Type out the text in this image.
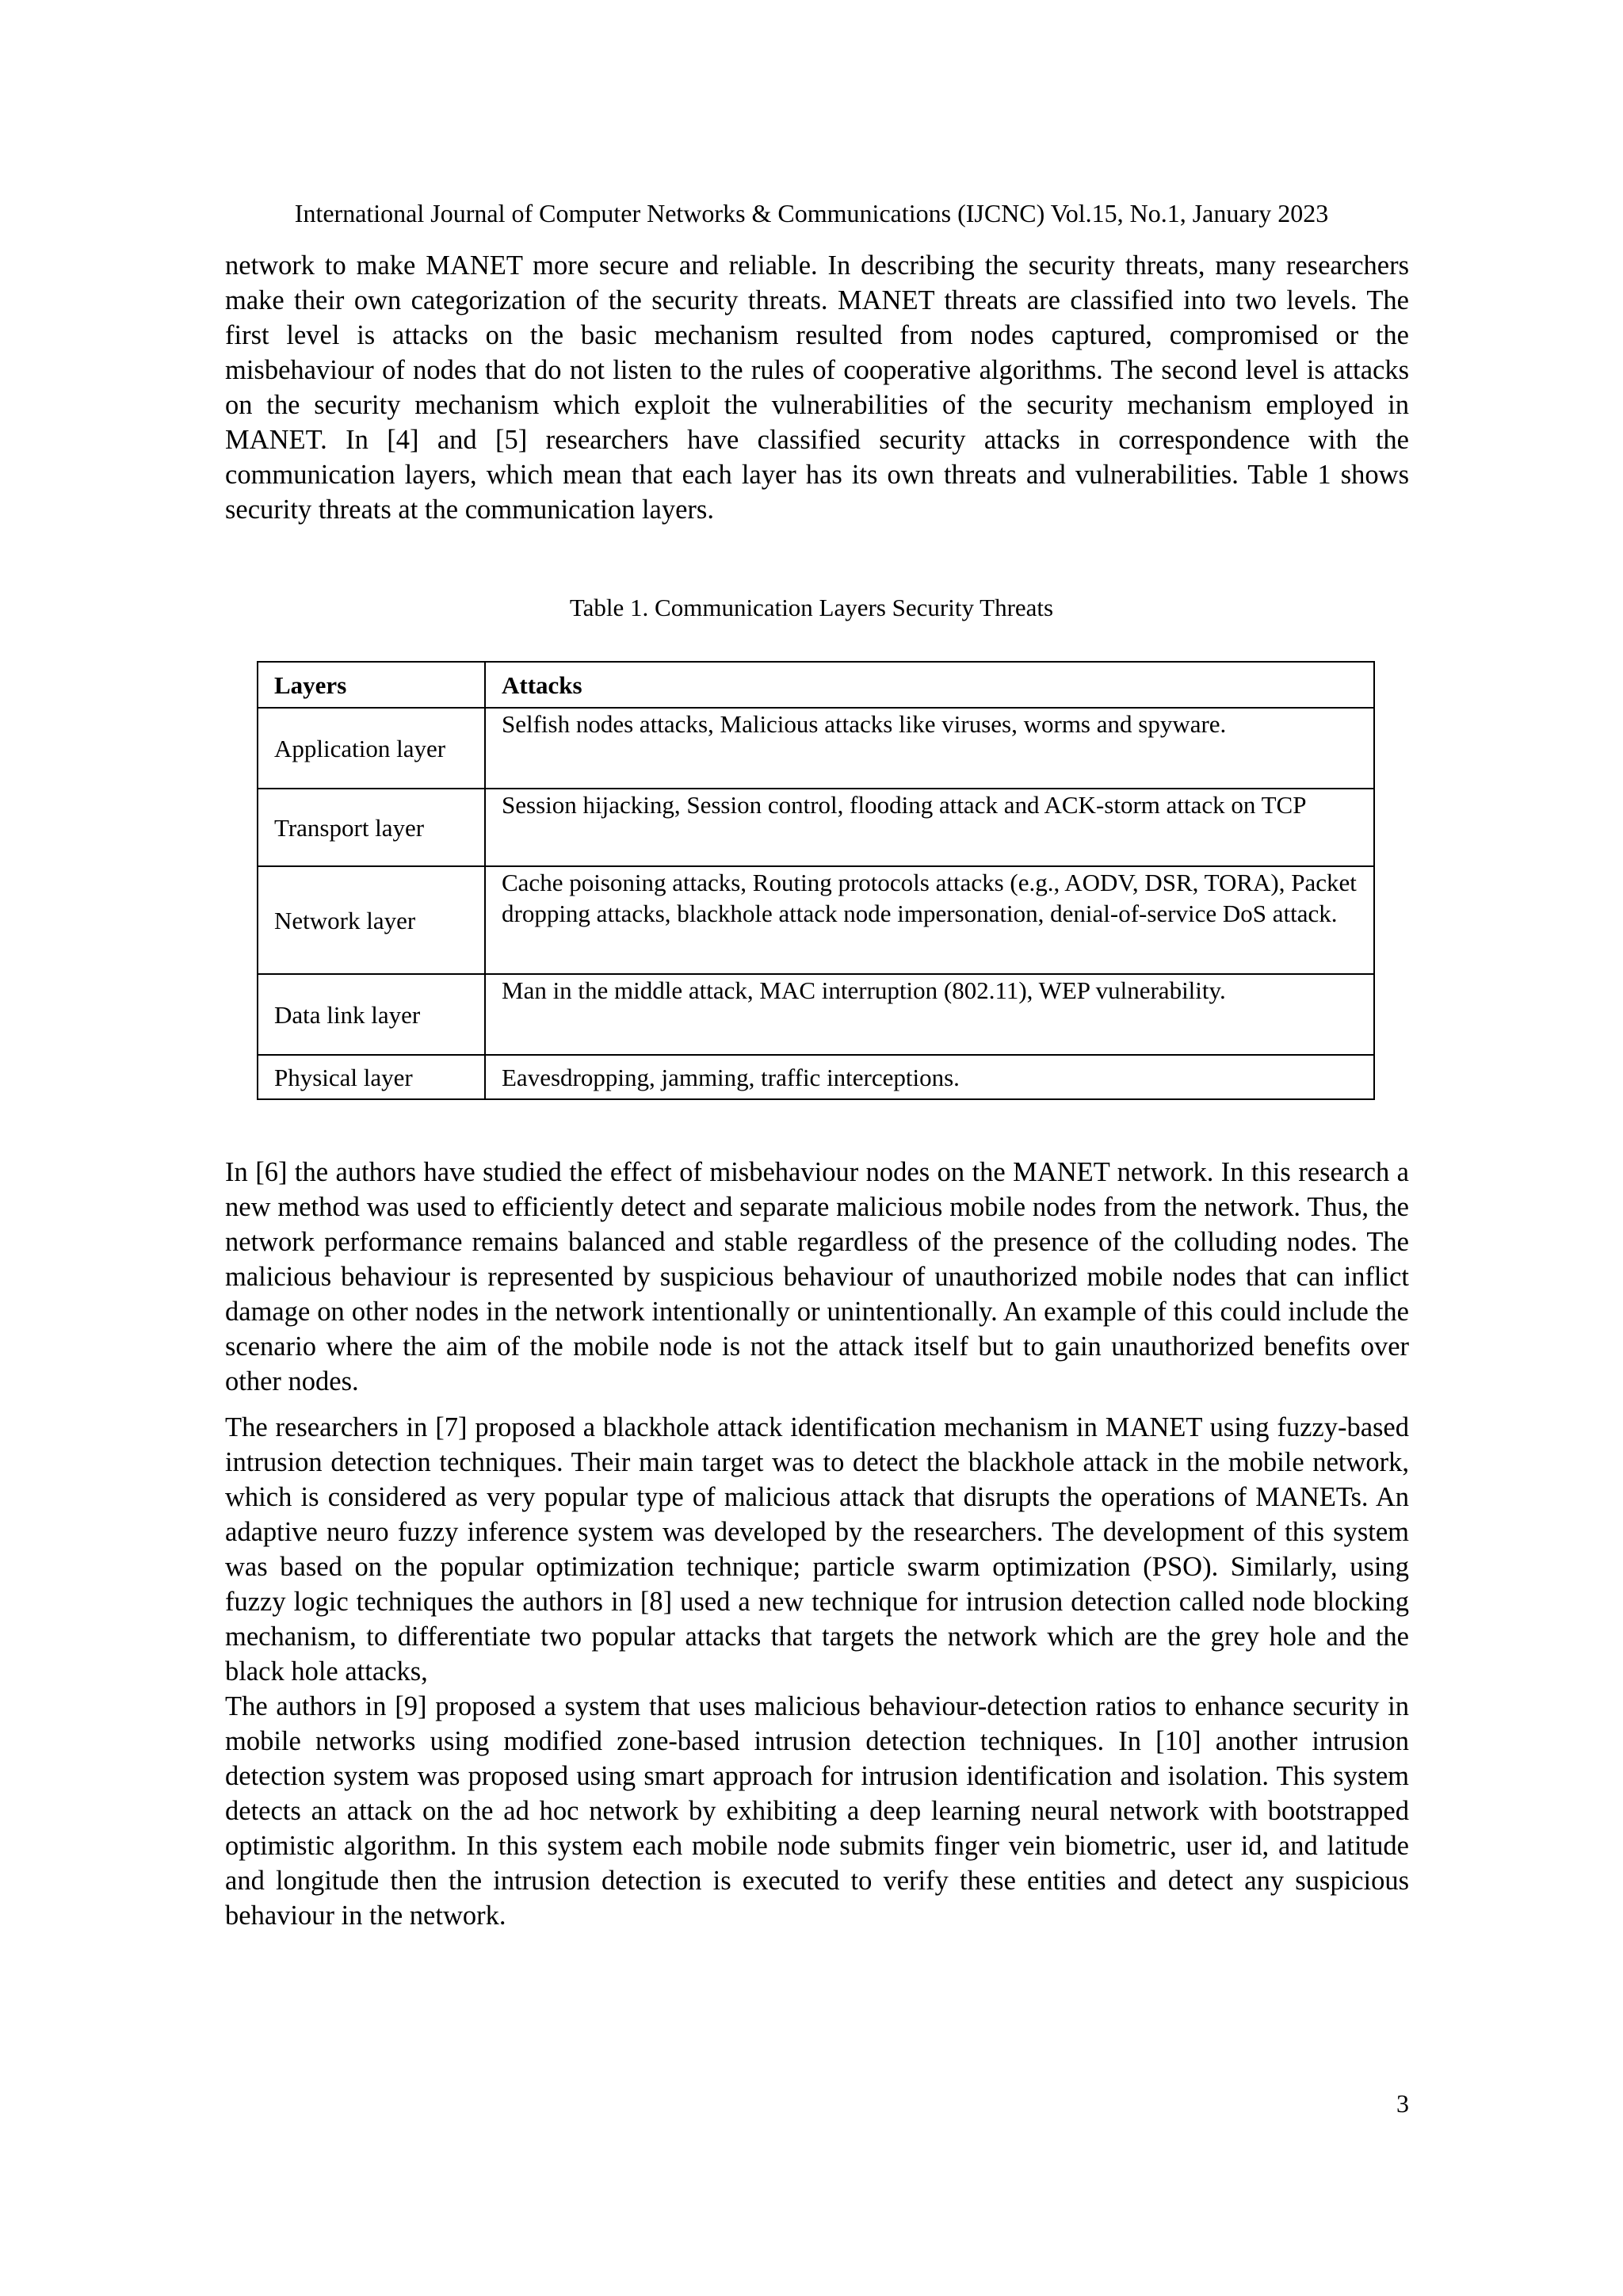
International Journal of Computer Networks & Communications (IJCNC) Vol.15, No.1, January 2023

network to make MANET more secure and reliable. In describing the security threats, many researchers make their own categorization of the security threats. MANET threats are classified into two levels. The first level is attacks on the basic mechanism resulted from nodes captured, compromised or the misbehaviour of nodes that do not listen to the rules of cooperative algorithms. The second level is attacks on the security mechanism which exploit the vulnerabilities of the security mechanism employed in MANET. In [4] and [5] researchers have classified security attacks in correspondence with the communication layers, which mean that each layer has its own threats and vulnerabilities. Table 1 shows security threats at the communication layers.

Table 1. Communication Layers Security Threats
Layers	Attacks
Application layer	Selfish nodes attacks, Malicious attacks like viruses, worms and spyware.
Transport layer	Session hijacking, Session control, flooding attack and ACK-storm attack on TCP
Network layer	Cache poisoning attacks, Routing protocols attacks (e.g., AODV, DSR, TORA), Packet dropping attacks, blackhole attack node impersonation, denial-of-service DoS attack.
Data link layer	Man in the middle attack, MAC interruption (802.11), WEP vulnerability.
Physical layer	Eavesdropping, jamming, traffic interceptions.

In [6] the authors have studied the effect of misbehaviour nodes on the MANET network. In this research a new method was used to efficiently detect and separate malicious mobile nodes from the network. Thus, the network performance remains balanced and stable regardless of the presence of the colluding nodes. The malicious behaviour is represented by suspicious behaviour of unauthorized mobile nodes that can inflict damage on other nodes in the network intentionally or unintentionally. An example of this could include the scenario where the aim of the mobile node is not the attack itself but to gain unauthorized benefits over other nodes.

The researchers in [7] proposed a blackhole attack identification mechanism in MANET using fuzzy-based intrusion detection techniques. Their main target was to detect the blackhole attack in the mobile network, which is considered as very popular type of malicious attack that disrupts the operations of MANETs. An adaptive neuro fuzzy inference system was developed by the researchers. The development of this system was based on the popular optimization technique; particle swarm optimization (PSO). Similarly, using fuzzy logic techniques the authors in [8] used a new technique for intrusion detection called node blocking mechanism, to differentiate two popular attacks that targets the network which are the grey hole and the black hole attacks,

The authors in [9] proposed a system that uses malicious behaviour-detection ratios to enhance security in mobile networks using modified zone-based intrusion detection techniques. In [10] another intrusion detection system was proposed using smart approach for intrusion identification and isolation. This system detects an attack on the ad hoc network by exhibiting a deep learning neural network with bootstrapped optimistic algorithm. In this system each mobile node submits finger vein biometric, user id, and latitude and longitude then the intrusion detection is executed to verify these entities and detect any suspicious behaviour in the network.

3
